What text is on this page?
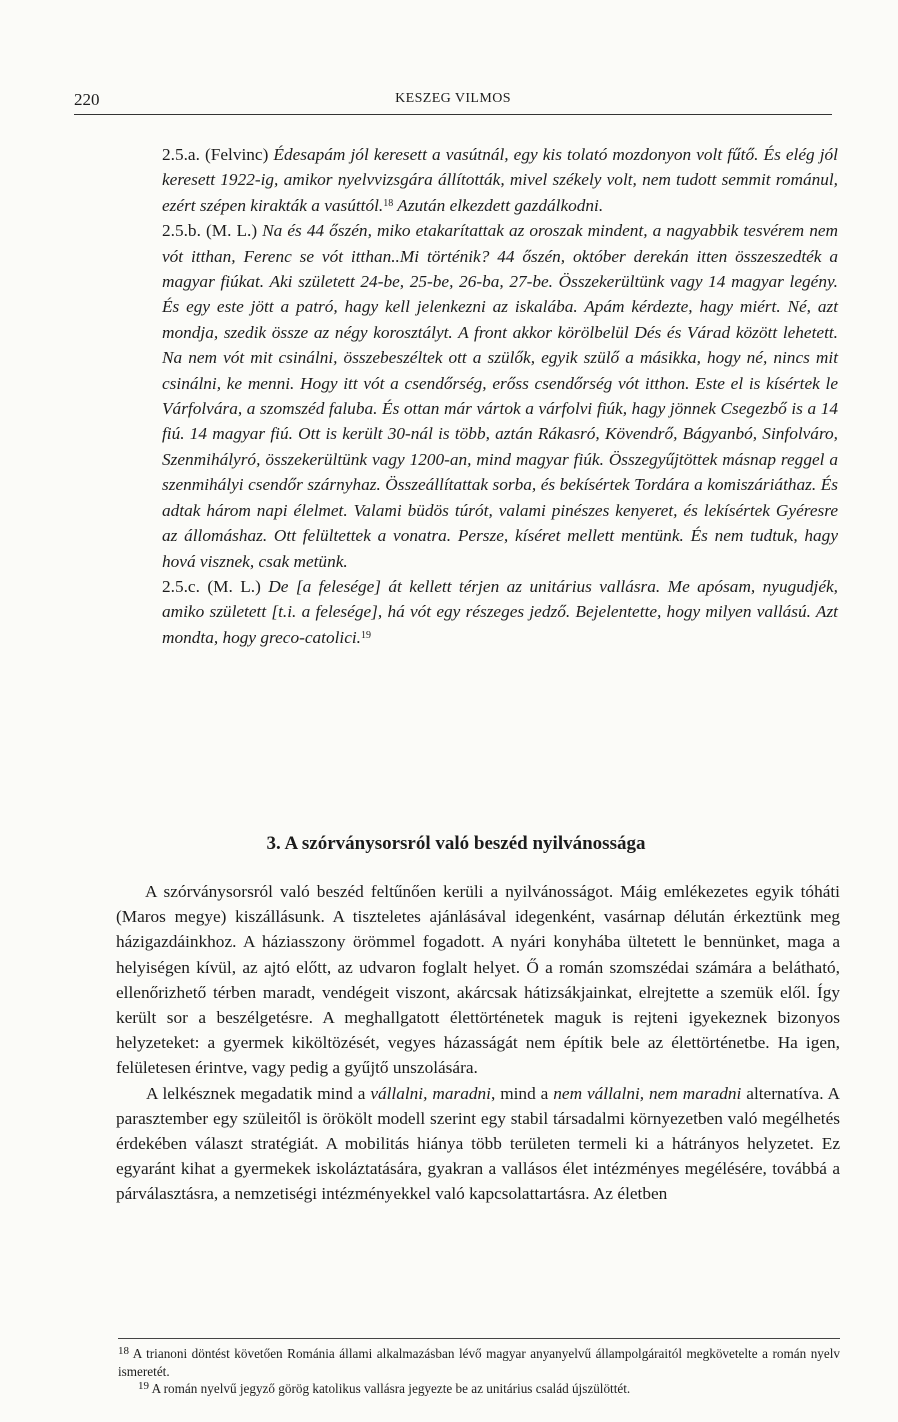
220	KESZEG VILMOS

2.5.a. (Felvinc) Édesapám jól keresett a vasútnál, egy kis tolató mozdonyon volt fűtő. És elég jól keresett 1922-ig, amikor nyelvvizsgára állították, mivel székely volt, nem tudott semmit románul, ezért szépen kirakták a vasúttól.$^{18}$ Azután elkezdett gazdálkodni.

2.5.b. (M. L.) Na és 44 őszén, miko etakarítattak az oroszak mindent, a nagyabbik tesvérem nem vót itthan, Ferenc se vót itthan..Mi történik? 44 őszén, október derekán itten összeszedték a magyar fiúkat. Aki született 24-be, 25-be, 26-ba, 27-be. Összekerültünk vagy 14 magyar legény. És egy este jött a patró, hagy kell jelenkezni az iskalába. Apám kérdezte, hagy miért. Né, azt mondja, szedik össze az négy korosztályt. A front akkor körölbelül Dés és Várad között lehetett. Na nem vót mit csinálni, összebeszéltek ott a szülők, egyik szülő a másikka, hogy né, nincs mit csinálni, ke menni. Hogy itt vót a csendőrség, erőss csendőrség vót itthon. Este el is kísértek le Várfolvára, a szomszéd faluba. És ottan már vártok a várfolvi fiúk, hagy jönnek Csegezbő is a 14 fiú. 14 magyar fiú. Ott is került 30-nál is több, aztán Rákasró, Kövendrő, Bágyanbó, Sinfolváro, Szenmihályró, összekerültünk vagy 1200-an, mind magyar fiúk. Összegyűjtöttek másnap reggel a szenmihályi csendőr szárnyhaz. Összeállítattak sorba, és bekísértek Tordára a komiszáriáthaz. És adtak három napi élelmet. Valami büdös túrót, valami pinészes kenyeret, és lekísértek Gyéresre az állomáshaz. Ott felültettek a vonatra. Persze, kíséret mellett mentünk. És nem tudtuk, hagy hová visznek, csak metünk.

2.5.c. (M. L.) De [a felesége] át kellett térjen az unitárius vallásra. Me apósam, nyugudjék, amiko született [t.i. a felesége], há vót egy részeges jedző. Bejelentette, hogy milyen vallású. Azt mondta, hogy greco-catolici.$^{19}$

3. A szórványsorsról való beszéd nyilvánossága

A szórványsorsról való beszéd feltűnően kerüli a nyilvánosságot. Máig emlékezetes egyik tóháti (Maros megye) kiszállásunk. A tiszteletes ajánlásával idegenként, vasárnap délután érkeztünk meg házigazdáinkhoz. A háziasszony örömmel fogadott. A nyári konyhába ültetett le bennünket, maga a helyiségen kívül, az ajtó előtt, az udvaron foglalt helyet. Ő a román szomszédai számára a belátható, ellenőrizhető térben maradt, vendégeit viszont, akárcsak hátizsákjainkat, elrejtette a szemük elől. Így került sor a beszélgetésre. A meghallgatott élettörténetek maguk is rejteni igyekeznek bizonyos helyzeteket: a gyermek kiköltözését, vegyes házasságát nem építik bele az élettörténetbe. Ha igen, felületesen érintve, vagy pedig a gyűjtő unszolására.

A lelkésznek megadatik mind a vállalni, maradni, mind a nem vállalni, nem maradni alternatíva. A parasztember egy szüleitől is örökölt modell szerint egy stabil társadalmi környezetben való megélhetés érdekében választ stratégiát. A mobilitás hiánya több területen termeli ki a hátrányos helyzetet. Ez egyaránt kihat a gyermekek iskoláztatására, gyakran a vallásos élet intézményes megélésére, továbbá a párválasztásra, a nemzetiségi intézményekkel való kapcsolattartásra. Az életben

$^{18}$ A trianoni döntést követően Románia állami alkalmazásban lévő magyar anyanyelvű állampolgáraitól megkövetelte a román nyelv ismeretét.

$^{19}$ A román nyelvű jegyző görög katolikus vallásra jegyezte be az unitárius család újszülöttét.
